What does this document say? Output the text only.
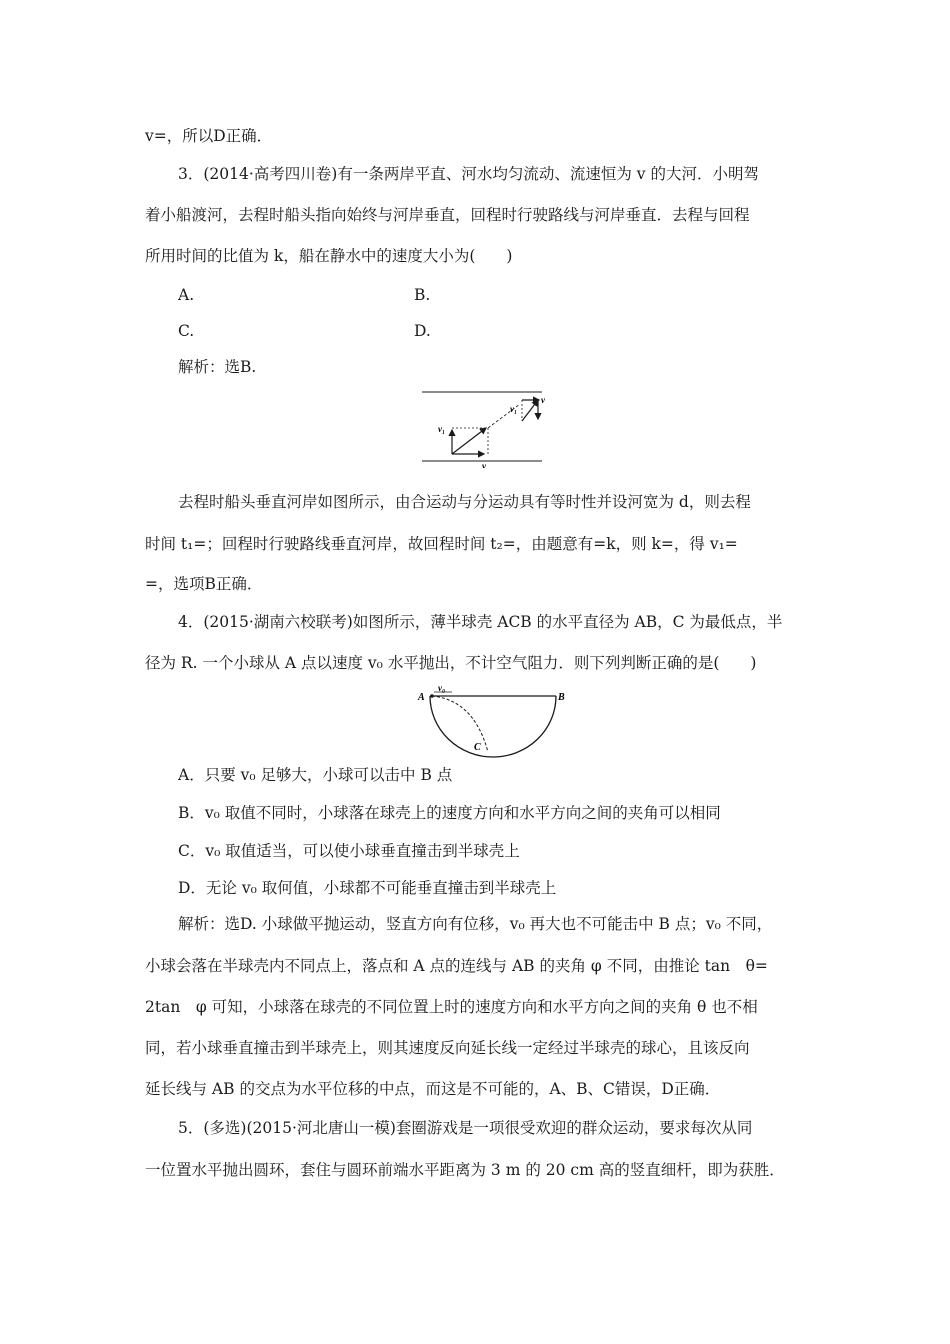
v=，所以D正确．
3．(2014·高考四川卷)有一条两岸平直、河水均匀流动、流速恒为 v 的大河．小明驾
着小船渡河，去程时船头指向始终与河岸垂直，回程时行驶路线与河岸垂直．去程与回程
所用时间的比值为 k，船在静水中的速度大小为(　　)
A.	B.
C.	D.
解析：选B.
v₁
v₁
v
v
去程时船头垂直河岸如图所示，由合运动与分运动具有等时性并设河宽为 d，则去程
时间 t₁=；回程时行驶路线垂直河岸，故回程时间 t₂=，由题意有=k，则 k=，得 v₁=
=，选项B正确．
4．(2015·湖南六校联考)如图所示，薄半球壳 ACB 的水平直径为 AB，C 为最低点，半
径为 R. 一个小球从 A 点以速度 v₀ 水平抛出，不计空气阻力．则下列判断正确的是(　　)
A	B
C
v₀
A．只要 v₀ 足够大，小球可以击中 B 点
B．v₀ 取值不同时，小球落在球壳上的速度方向和水平方向之间的夹角可以相同
C．v₀ 取值适当，可以使小球垂直撞击到半球壳上
D．无论 v₀ 取何值，小球都不可能垂直撞击到半球壳上
解析：选D. 小球做平抛运动，竖直方向有位移，v₀ 再大也不可能击中 B 点；v₀ 不同，
小球会落在半球壳内不同点上，落点和 A 点的连线与 AB 的夹角 φ 不同，由推论 tan　θ=
2tan　φ 可知，小球落在球壳的不同位置上时的速度方向和水平方向之间的夹角 θ 也不相
同，若小球垂直撞击到半球壳上，则其速度反向延长线一定经过半球壳的球心，且该反向
延长线与 AB 的交点为水平位移的中点，而这是不可能的，A、B、C错误，D正确．
5．(多选)(2015·河北唐山一模)套圈游戏是一项很受欢迎的群众运动，要求每次从同
一位置水平抛出圆环，套住与圆环前端水平距离为 3 m 的 20 cm 高的竖直细杆，即为获胜．
